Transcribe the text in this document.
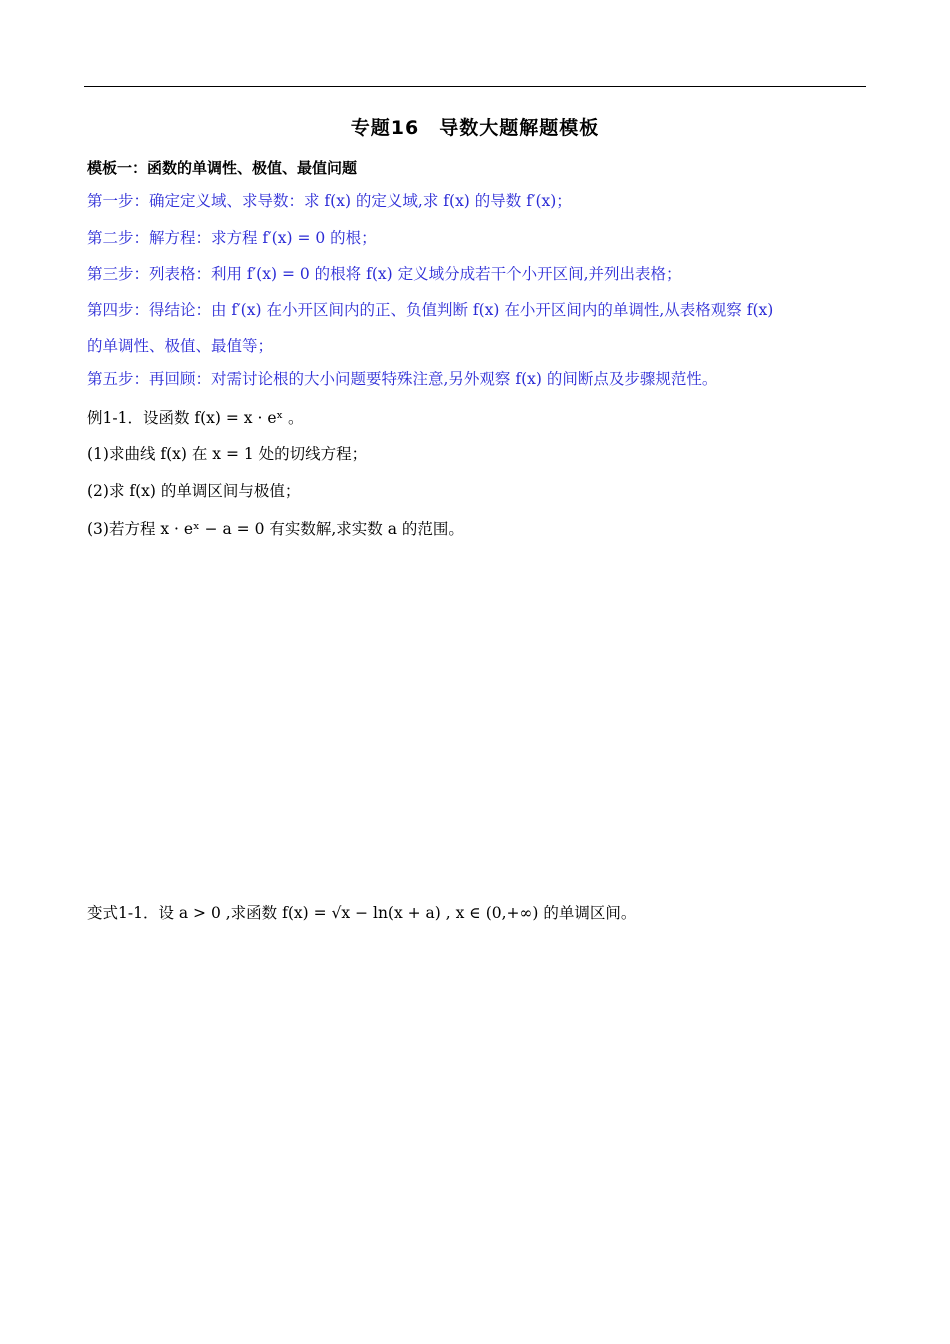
专题16　导数大题解题模板
模板一：函数的单调性、极值、最值问题
第一步：确定定义域、求导数：求 f(x) 的定义域,求 f(x) 的导数 f′(x)；
第二步：解方程：求方程 f′(x) = 0 的根；
第三步：列表格：利用 f′(x) = 0 的根将 f(x) 定义域分成若干个小开区间,并列出表格；
第四步：得结论：由 f′(x) 在小开区间内的正、负值判断 f(x) 在小开区间内的单调性,从表格观察 f(x)
的单调性、极值、最值等；
第五步：再回顾：对需讨论根的大小问题要特殊注意,另外观察 f(x) 的间断点及步骤规范性。
例1-1．设函数 f(x) = x · eˣ 。
(1)求曲线 f(x) 在 x = 1 处的切线方程；
(2)求 f(x) 的单调区间与极值；
(3)若方程 x · eˣ − a = 0 有实数解,求实数 a 的范围。
变式1-1．设 a > 0 ,求函数 f(x) = √x − ln(x + a) , x ∈ (0,+∞) 的单调区间。
